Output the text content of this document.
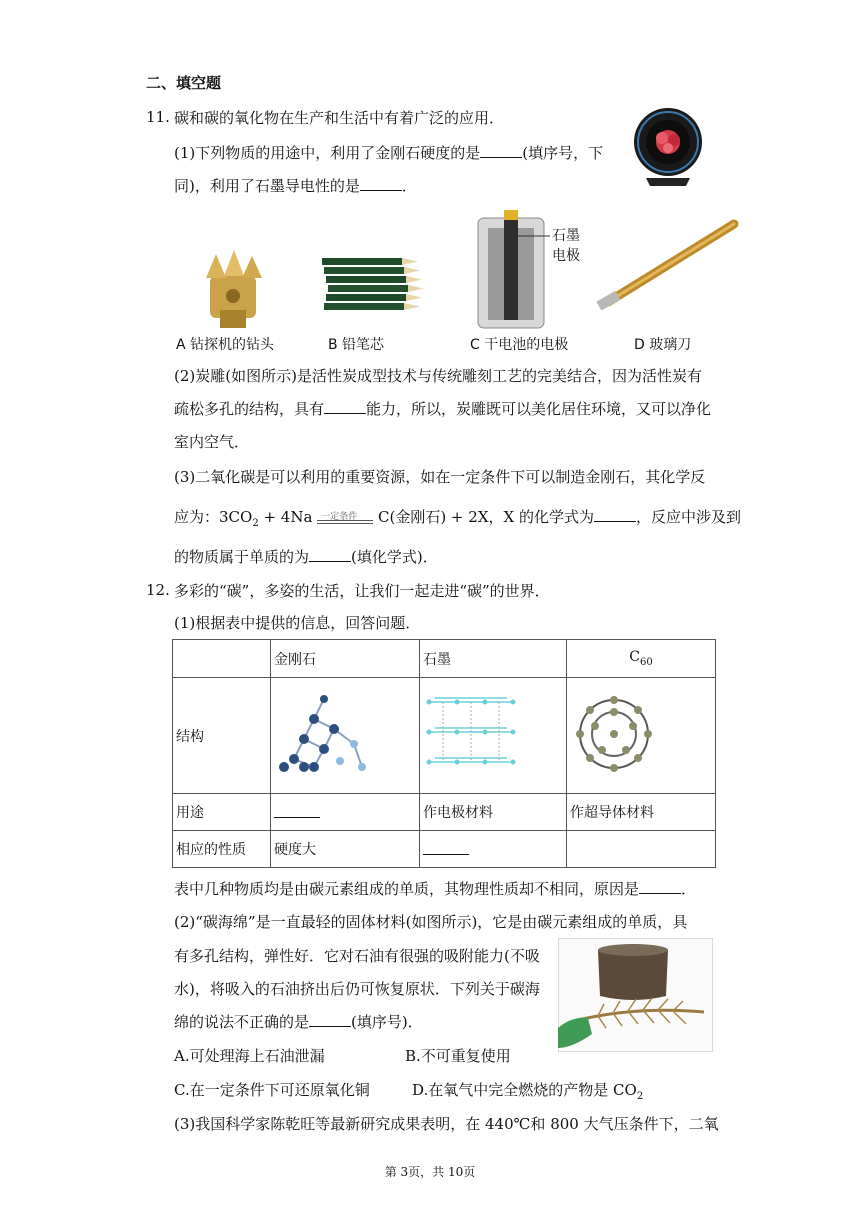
二、填空题
11. 碳和碳的氧化物在生产和生活中有着广泛的应用．
(1)下列物质的用途中，利用了金刚石硬度的是	(填序号，下
同)，利用了石墨导电性的是	．
A 钻探机的钻头	B 铅笔芯
石墨
电极
C 干电池的电极	D 玻璃刀
(2)炭雕(如图所示)是活性炭成型技术与传统雕刻工艺的完美结合，因为活性炭有
疏松多孔的结构，具有	能力，所以，炭雕既可以美化居住环境，又可以净化
室内空气．
(3)二氧化碳是可以利用的重要资源，如在一定条件下可以制造金刚石，其化学反
应为：$3CO_2 + 4Na$ 一定条件 C(金刚石) + 2X，X 的化学式为	，反应中涉及到
的物质属于单质的为	(填化学式)．
12. 多彩的“碳”，多姿的生活，让我们一起走进“碳”的世界．
(1)根据表中提供的信息，回答问题．
	金刚石	石墨	$C_{60}$
结构			
用途		作电极材料	作超导体材料
相应的性质	硬度大		
表中几种物质均是由碳元素组成的单质，其物理性质却不相同，原因是	．
(2)“碳海绵”是一直最轻的固体材料(如图所示)，它是由碳元素组成的单质，具
有多孔结构，弹性好．它对石油有很强的吸附能力(不吸
水)，将吸入的石油挤出后仍可恢复原状．下列关于碳海
绵的说法不正确的是	(填序号)．
A.可处理海上石油泄漏	B.不可重复使用
C.在一定条件下可还原氧化铜	D.在氧气中完全燃烧的产物是 $CO_2$
(3)我国科学家陈乾旺等最新研究成果表明，在 440℃和 800 大气压条件下，二氧
第 3页，共 10页
